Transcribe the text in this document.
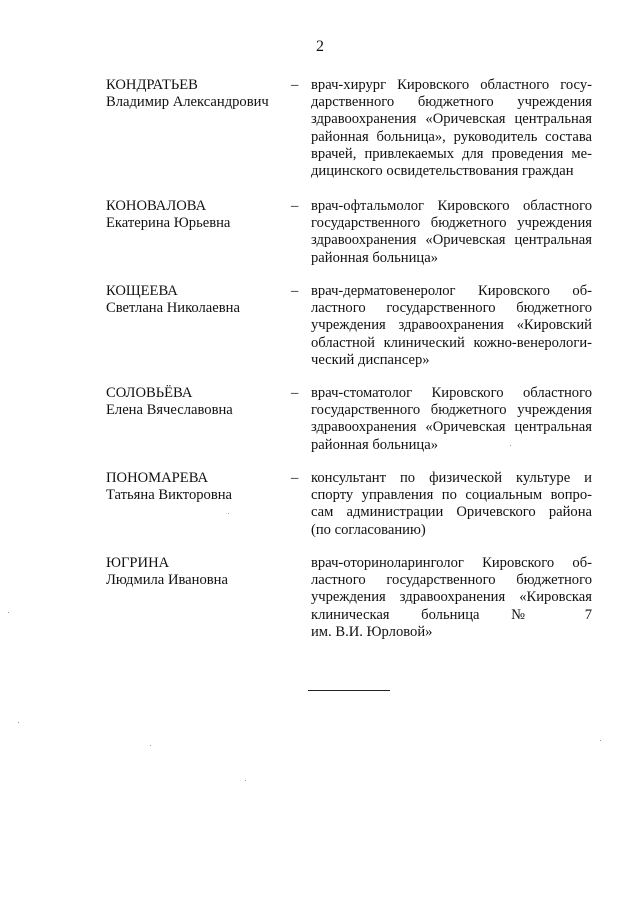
2
КОНДРАТЬЕВ
Владимир Александрович
– врач-хирург Кировского областного госу-
дарственного бюджетного учреждения
здравоохранения «Оричевская центральная
районная больница», руководитель состава
врачей, привлекаемых для проведения ме-
дицинского освидетельствования граждан
КОНОВАЛОВА
Екатерина Юрьевна
– врач-офтальмолог Кировского областного
государственного бюджетного учреждения
здравоохранения «Оричевская центральная
районная больница»
КОЩЕЕВА
Светлана Николаевна
– врач-дерматовенеролог Кировского об-
ластного государственного бюджетного
учреждения здравоохранения «Кировский
областной клинический кожно-венерологи-
ческий диспансер»
СОЛОВЬЁВА
Елена Вячеславовна
– врач-стоматолог Кировского областного
государственного бюджетного учреждения
здравоохранения «Оричевская центральная
районная больница»
ПОНОМАРЕВА
Татьяна Викторовна
– консультант по физической культуре и
спорту управления по социальным вопро-
сам администрации Оричевского района
(по согласованию)
ЮГРИНА
Людмила Ивановна
врач-оториноларинголог Кировского об-
ластного государственного бюджетного
учреждения здравоохранения «Кировская
клиническая больница № 7
им. В.И. Юрловой»
